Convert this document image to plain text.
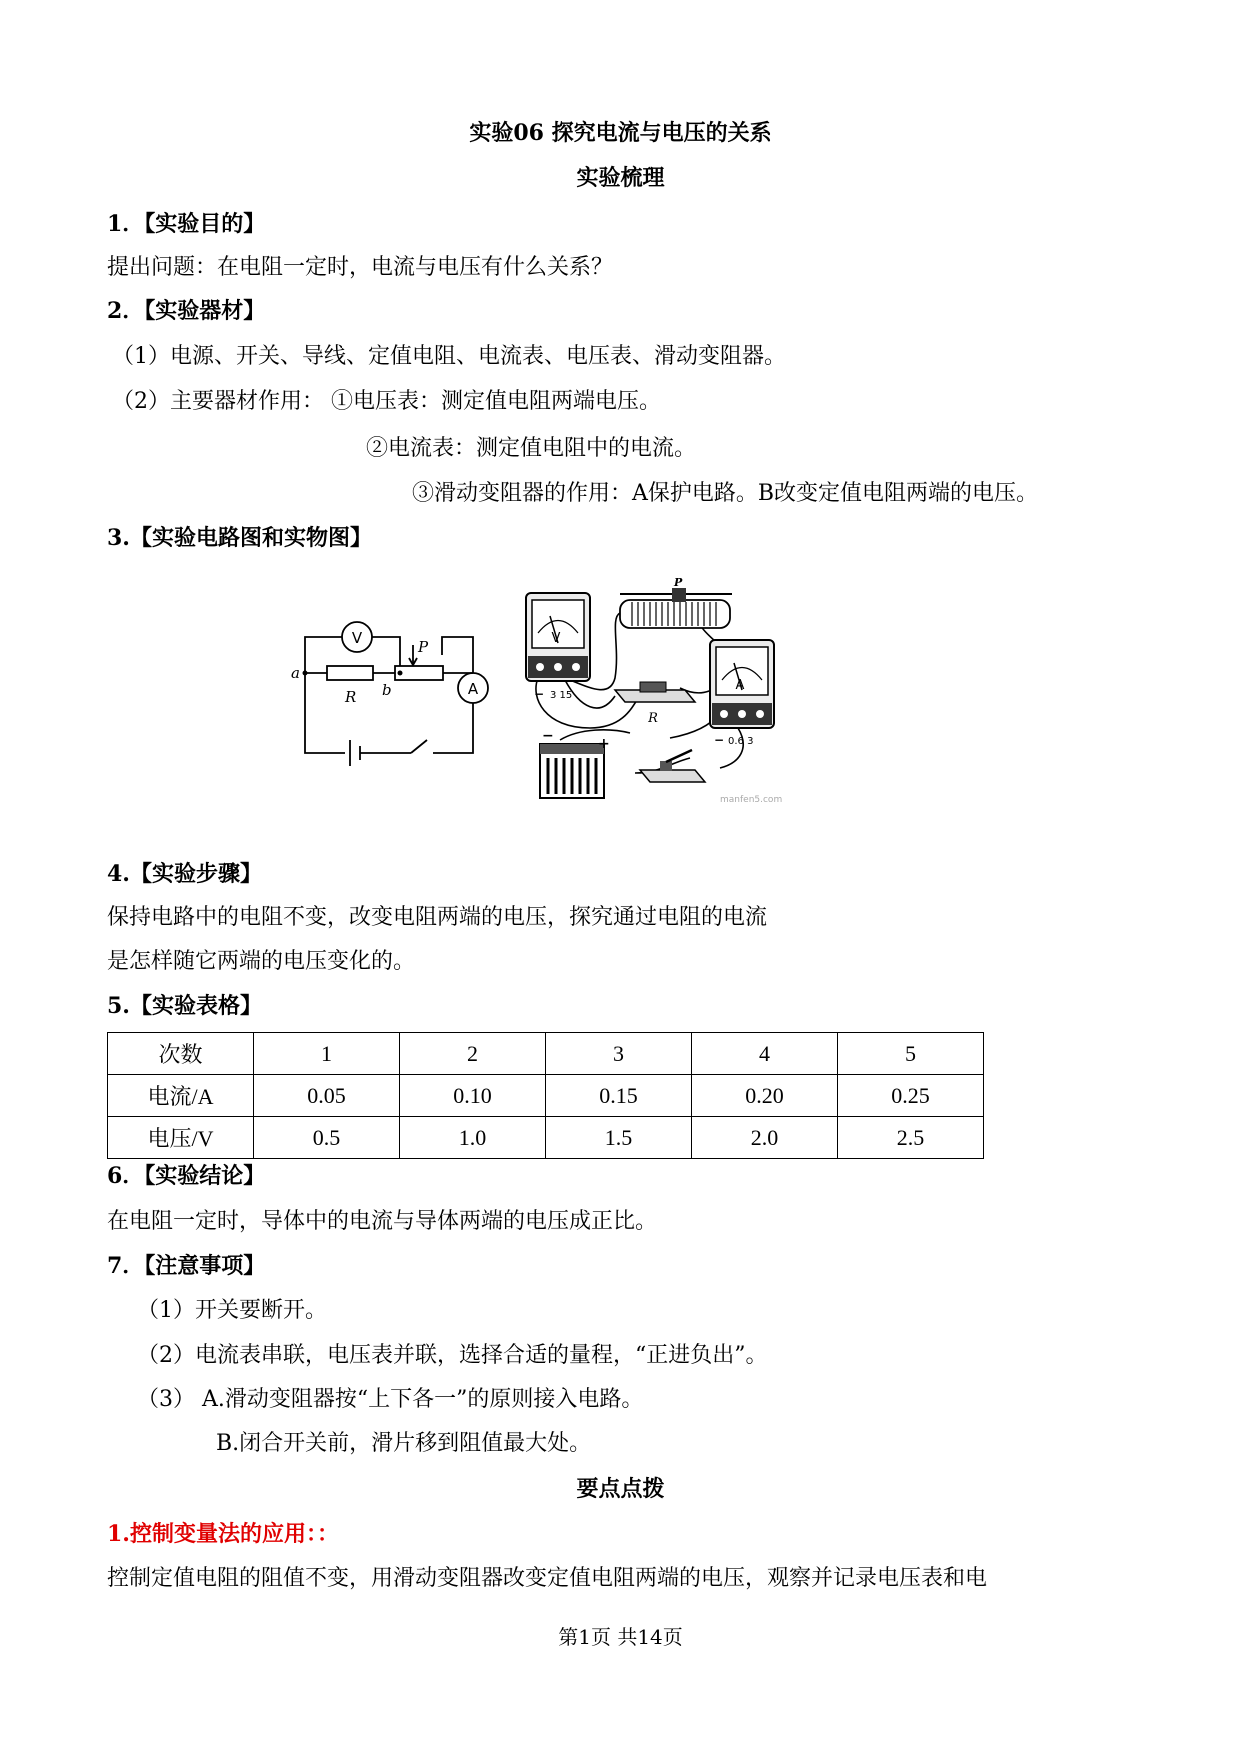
实验06 探究电流与电压的关系
实验梳理
1．【实验目的】
提出问题：在电阻一定时，电流与电压有什么关系？
2．【实验器材】
（1）电源、开关、导线、定值电阻、电流表、电压表、滑动变阻器。
（2）主要器材作用： ①电压表：测定值电阻两端电压。
②电流表：测定值电阻中的电流。
③滑动变阻器的作用：A保护电路。B改变定值电阻两端的电压。
3.【实验电路图和实物图】
a
b
R
P
V
A
V
− 3 15
P
R
A
− 0.6 3
−	+
manfen5.com
4.【实验步骤】
保持电路中的电阻不变，改变电阻两端的电压，探究通过电阻的电流
是怎样随它两端的电压变化的。
5.【实验表格】
次数	1	2	3	4	5
电流/A	0.05	0.10	0.15	0.20	0.25
电压/V	0.5	1.0	1.5	2.0	2.5
6．【实验结论】
在电阻一定时，导体中的电流与导体两端的电压成正比。
7．【注意事项】
（1）开关要断开。
（2）电流表串联，电压表并联，选择合适的量程，“正进负出”。
（3） A.滑动变阻器按“上下各一”的原则接入电路。
B.闭合开关前，滑片移到阻值最大处。
要点点拨
1.控制变量法的应用：：
控制定值电阻的阻值不变，用滑动变阻器改变定值电阻两端的电压，观察并记录电压表和电
第1页 共14页
